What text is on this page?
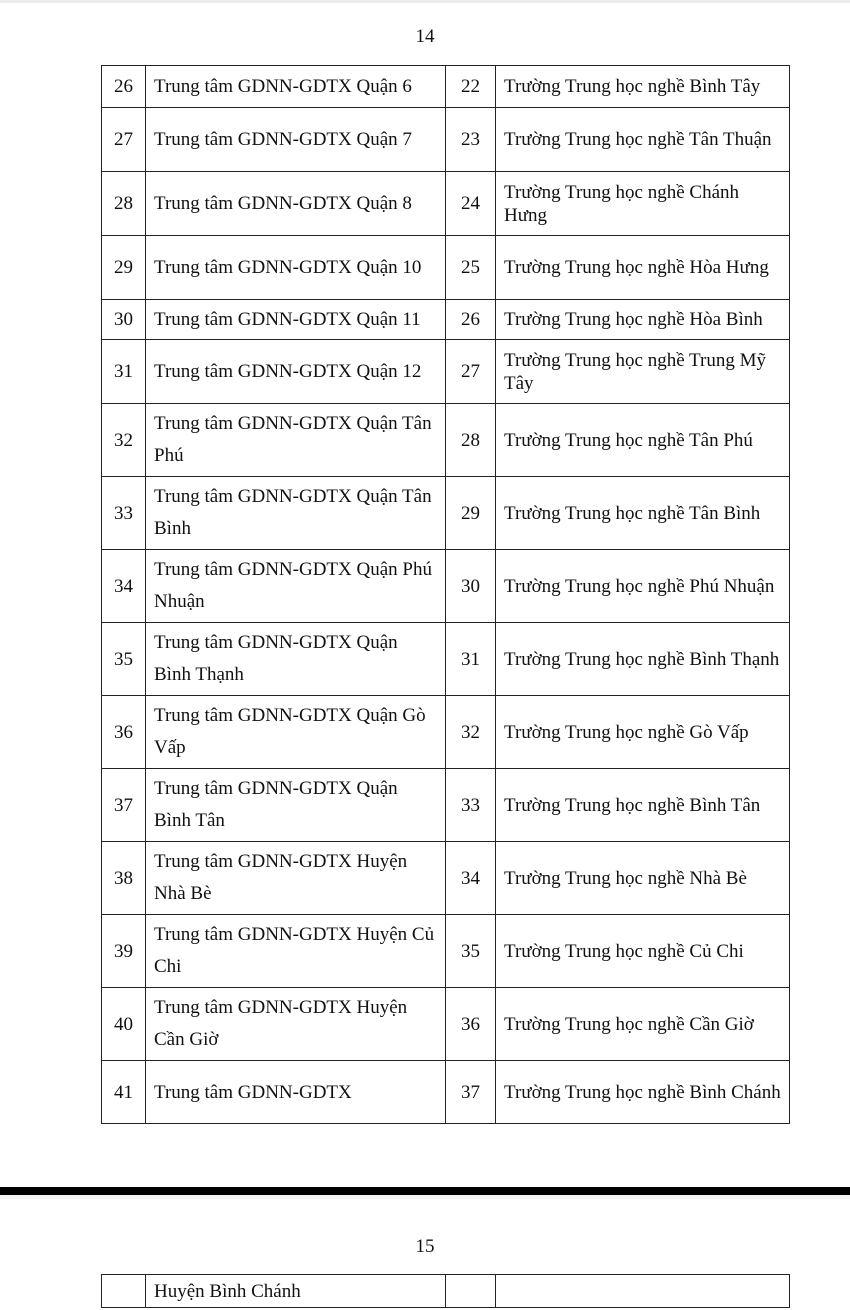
14
26	Trung tâm GDNN-GDTX Quận 6	22	Trường Trung học nghề Bình Tây
27	Trung tâm GDNN-GDTX Quận 7	23	Trường Trung học nghề Tân Thuận
28	Trung tâm GDNN-GDTX Quận 8	24	Trường Trung học nghề Chánh Hưng
29	Trung tâm GDNN-GDTX Quận 10	25	Trường Trung học nghề Hòa Hưng
30	Trung tâm GDNN-GDTX Quận 11	26	Trường Trung học nghề Hòa Bình
31	Trung tâm GDNN-GDTX Quận 12	27	Trường Trung học nghề Trung Mỹ Tây
32	Trung tâm GDNN-GDTX Quận Tân Phú	28	Trường Trung học nghề Tân Phú
33	Trung tâm GDNN-GDTX Quận Tân Bình	29	Trường Trung học nghề Tân Bình
34	Trung tâm GDNN-GDTX Quận Phú Nhuận	30	Trường Trung học nghề Phú Nhuận
35	Trung tâm GDNN-GDTX Quận Bình Thạnh	31	Trường Trung học nghề Bình Thạnh
36	Trung tâm GDNN-GDTX Quận Gò Vấp	32	Trường Trung học nghề Gò Vấp
37	Trung tâm GDNN-GDTX Quận Bình Tân	33	Trường Trung học nghề Bình Tân
38	Trung tâm GDNN-GDTX Huyện Nhà Bè	34	Trường Trung học nghề Nhà Bè
39	Trung tâm GDNN-GDTX Huyện Củ Chi	35	Trường Trung học nghề Củ Chi
40	Trung tâm GDNN-GDTX Huyện Cần Giờ	36	Trường Trung học nghề Cần Giờ
41	Trung tâm GDNN-GDTX	37	Trường Trung học nghề Bình Chánh
15
	Huyện Bình Chánh		
